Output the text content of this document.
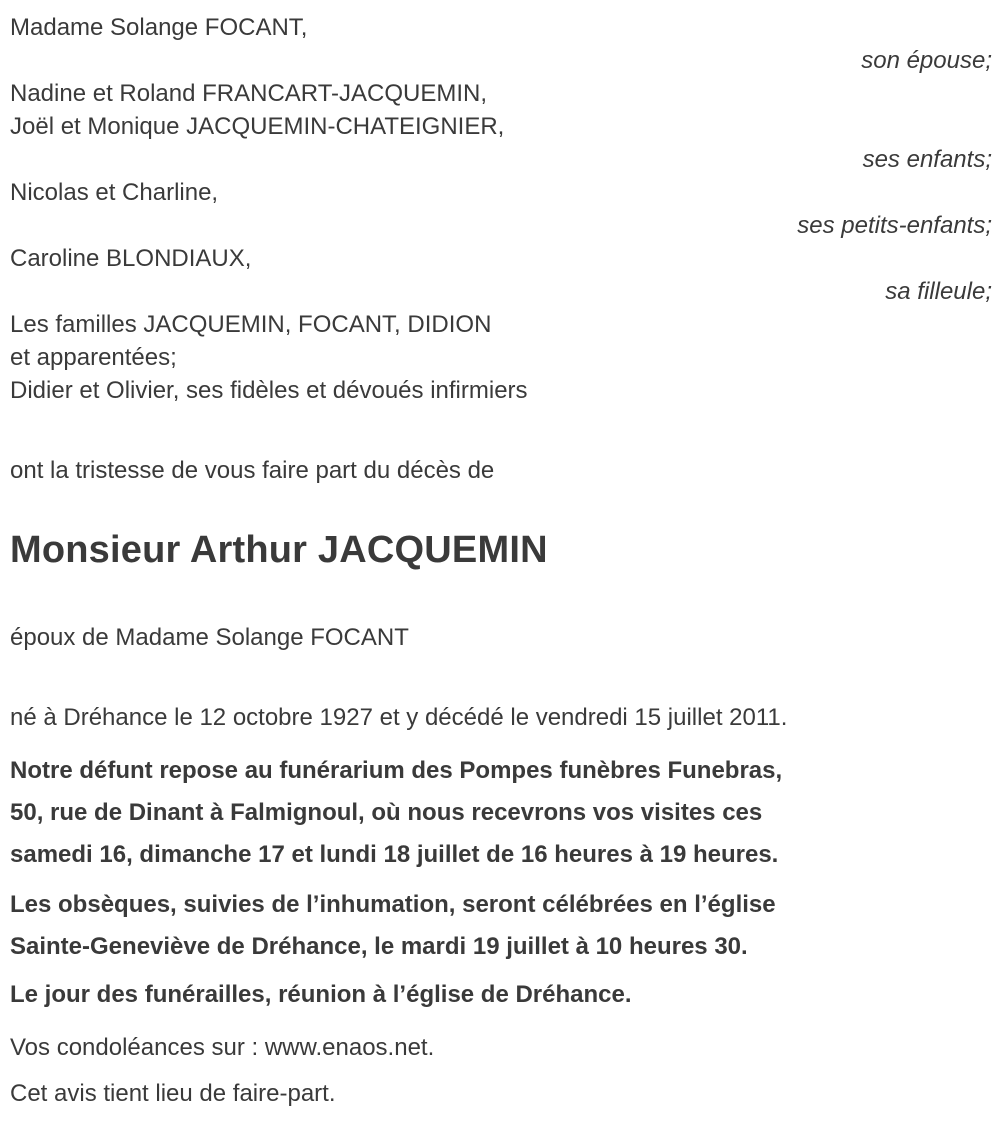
Madame Solange FOCANT,
son épouse;
Nadine et Roland FRANCART-JACQUEMIN,
Joël et Monique JACQUEMIN-CHATEIGNIER,
ses enfants;
Nicolas et Charline,
ses petits-enfants;
Caroline BLONDIAUX,
sa filleule;
Les familles JACQUEMIN, FOCANT, DIDION
et apparentées;
Didier et Olivier, ses fidèles et dévoués infirmiers
ont la tristesse de vous faire part du décès de
Monsieur Arthur JACQUEMIN
époux de Madame Solange FOCANT
né à Dréhance le 12 octobre 1927 et y décédé le vendredi 15 juillet 2011.
Notre défunt repose au funérarium des Pompes funèbres Funebras,
50, rue de Dinant à Falmignoul, où nous recevrons vos visites ces
samedi 16, dimanche 17 et lundi 18 juillet de 16 heures à 19 heures.
Les obsèques, suivies de l’inhumation, seront célébrées en l’église
Sainte-Geneviève de Dréhance, le mardi 19 juillet à 10 heures 30.
Le jour des funérailles, réunion à l’église de Dréhance.
Vos condoléances sur : www.enaos.net.
Cet avis tient lieu de faire-part.
